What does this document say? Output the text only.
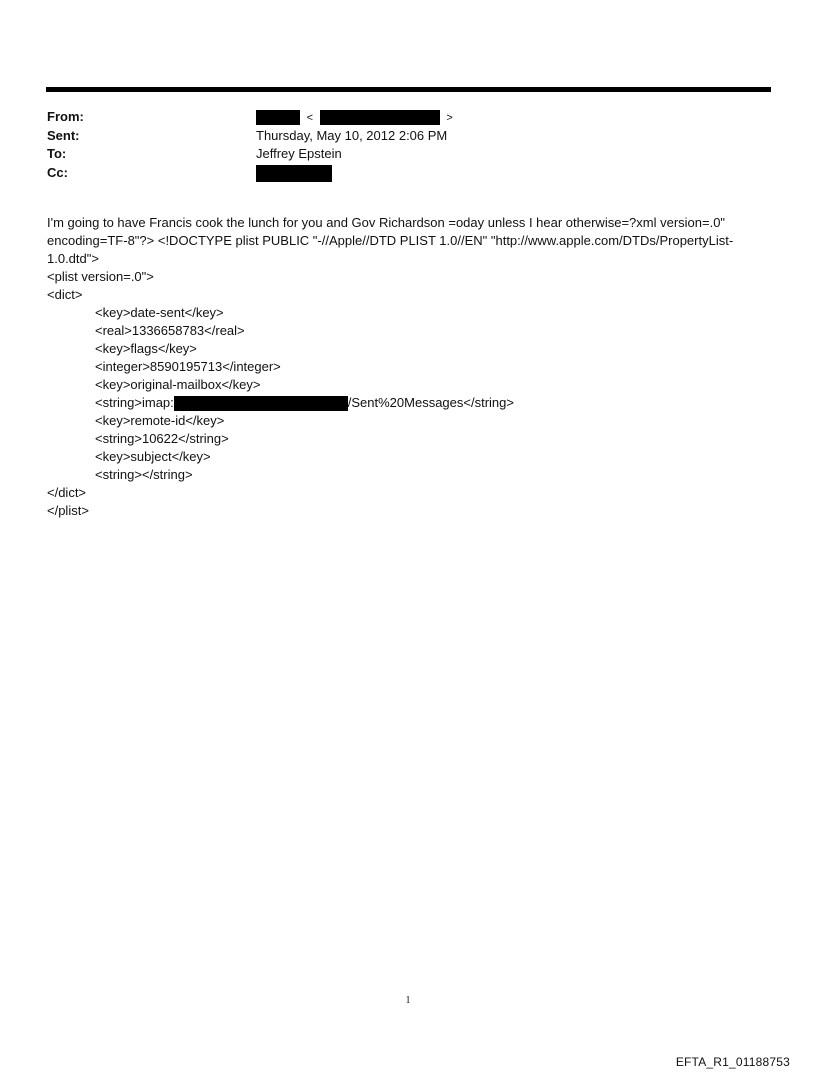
From:	<	>
Sent:	Thursday, May 10, 2012 2:06 PM
To:	Jeffrey Epstein
Cc:

I'm going to have Francis cook the lunch for you and Gov Richardson =oday unless I hear otherwise=?xml version=.0" encoding=TF-8"?> <!DOCTYPE plist PUBLIC "-//Apple//DTD PLIST 1.0//EN" "http://www.apple.com/DTDs/PropertyList-1.0.dtd">

<plist version=.0">

<dict>

<key>date-sent</key>

<real>1336658783</real>

<key>flags</key>

<integer>8590195713</integer>

<key>original-mailbox</key>

<string>imap:	/Sent%20Messages</string>

<key>remote-id</key>

<string>10622</string>

<key>subject</key>

<string></string>

</dict>

</plist>

1
EFTA_R1_01188753
